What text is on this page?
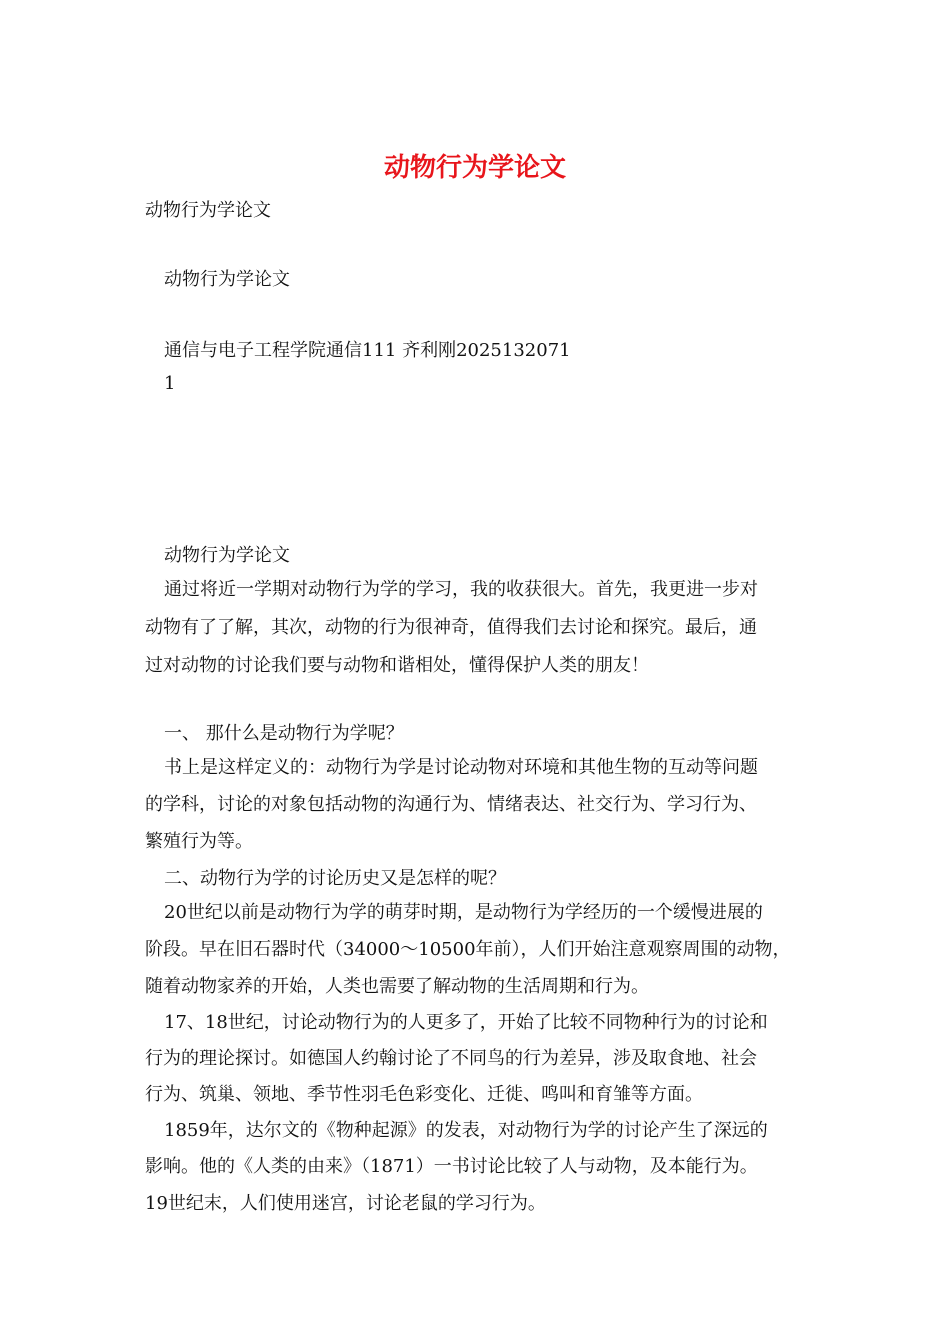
动物行为学论文
动物行为学论文
动物行为学论文
通信与电子工程学院通信111 齐利刚2025132071
1
动物行为学论文
通过将近一学期对动物行为学的学习，我的收获很大。首先，我更进一步对
动物有了了解，其次，动物的行为很神奇，值得我们去讨论和探究。最后，通
过对动物的讨论我们要与动物和谐相处，懂得保护人类的朋友！
一、 那什么是动物行为学呢？
书上是这样定义的：动物行为学是讨论动物对环境和其他生物的互动等问题
的学科，讨论的对象包括动物的沟通行为、情绪表达、社交行为、学习行为、
繁殖行为等。
二、动物行为学的讨论历史又是怎样的呢？
20世纪以前是动物行为学的萌芽时期，是动物行为学经历的一个缓慢进展的
阶段。早在旧石器时代（34000～10500年前），人们开始注意观察周围的动物，
随着动物家养的开始，人类也需要了解动物的生活周期和行为。
17、18世纪，讨论动物行为的人更多了，开始了比较不同物种行为的讨论和
行为的理论探讨。如德国人约翰讨论了不同鸟的行为差异，涉及取食地、社会
行为、筑巢、领地、季节性羽毛色彩变化、迁徙、鸣叫和育雏等方面。
1859年，达尔文的《物种起源》的发表，对动物行为学的讨论产生了深远的
影响。他的《人类的由来》（1871）一书讨论比较了人与动物，及本能行为。
19世纪末，人们使用迷宫，讨论老鼠的学习行为。
